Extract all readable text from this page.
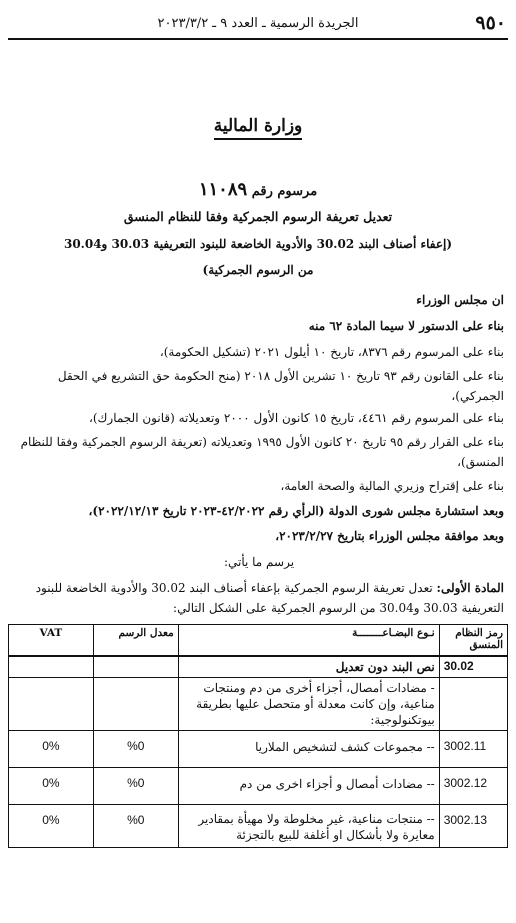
٩٥٠
الجريدة الرسمية ـ العدد ٩ ـ ٢٠٢٣/٣/٢
وزارة المالية
مرسوم رقم ١١٠٨٩
تعديل تعريفة الرسوم الجمركية وفقا للنظام المنسق
(إعفاء أصناف البند 30.02 والأدوية الخاضعة للبنود التعريفية 30.03 و30.04
من الرسوم الجمركية)
ان مجلس الوزراء
بناء على الدستور لا سيما المادة ٦٢ منه
بناء على المرسوم رقم ٨٣٧٦، تاريخ ١٠ أيلول ٢٠٢١ (تشكيل الحكومة)،
بناء على القانون رقم ٩٣ تاريخ ١٠ تشرين الأول ٢٠١٨ (منح الحكومة حق التشريع في الحقل الجمركي)،
بناء على المرسوم رقم ٤٤٦١، تاريخ ١٥ كانون الأول ٢٠٠٠ وتعديلاته (قانون الجمارك)،
بناء على القرار رقم ٩٥ تاريخ ٢٠ كانون الأول ١٩٩٥ وتعديلاته (تعريفة الرسوم الجمركية وفقا للنظام المنسق)،
بناء على إقتراح وزيري المالية والصحة العامة،
وبعد استشارة مجلس شورى الدولة (الرأي رقم ٤٢/٢٠٢٢-٢٠٢٣ تاريخ ٢٠٢٢/١٢/١٣)،
وبعد موافقة مجلس الوزراء بتاريخ ٢٠٢٣/٢/٢٧،
يرسم ما يأتي:
المادة الأولى: تعدل تعريفة الرسوم الجمركية بإعفاء أصناف البند 30.02 والأدوية الخاضعة للبنود التعريفية 30.03 و30.04 من الرسوم الجمركية على الشكل التالي:
رمز النظام المنسق	نـوع البضـاعــــــــة	معدل الرسم	VAT
30.02	نص البند دون تعديل		
	- مضادات أمصال، أجزاء أخرى من دم ومنتجات مناعية، وإن كانت معدلة أو متحصل عليها بطريقة بيوتكنولوجية:		
3002.11	-- مجموعات كشف لتشخيص الملاريا	%0	0%
3002.12	-- مضادات أمصال و أجزاء اخرى من دم	%0	0%
3002.13	-- منتجات مناعية، غير مخلوطة ولا مهيأة بمقادير معايرة ولا بأشكال او أغلفة للبيع بالتجزئة	%0	0%
